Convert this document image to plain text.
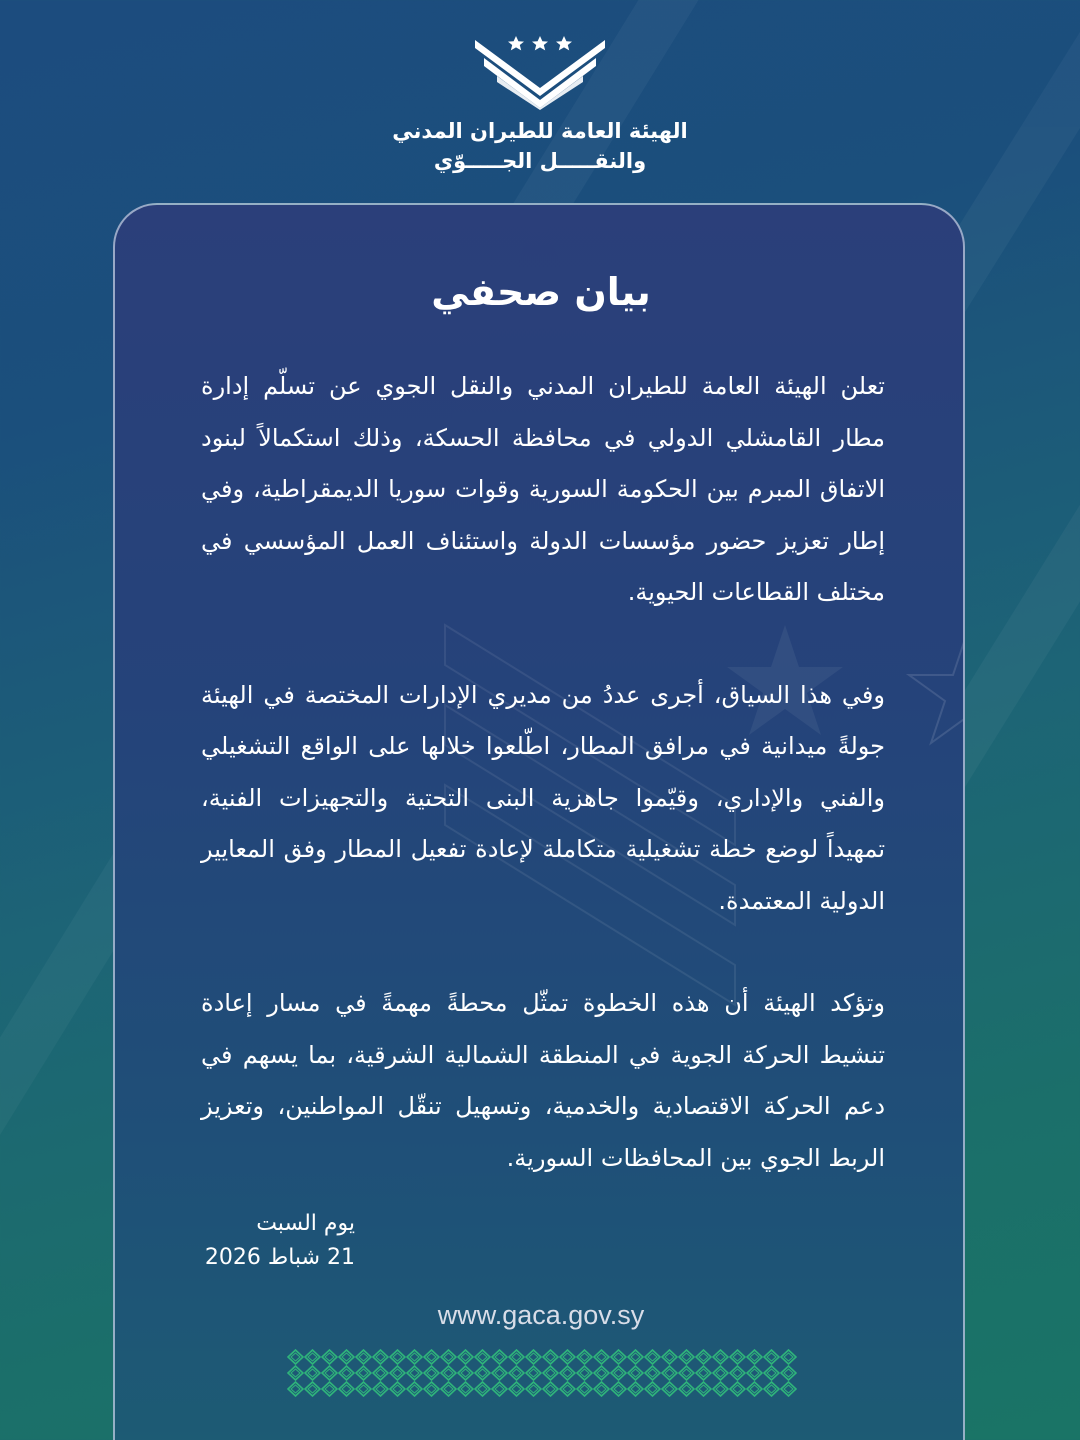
الهيئة العامة للطيران المدني
والنقـــــل الجـــــوّي
بيان صحفي

تعلن الهيئة العامة للطيران المدني والنقل الجوي عن تسلّم إدارة مطار القامشلي الدولي في محافظة الحسكة، وذلك استكمالاً لبنود الاتفاق المبرم بين الحكومة السورية وقوات سوريا الديمقراطية، وفي إطار تعزيز حضور مؤسسات الدولة واستئناف العمل المؤسسي في مختلف القطاعات الحيوية.

وفي هذا السياق، أجرى عددُ من مديري الإدارات المختصة في الهيئة جولةً ميدانية في مرافق المطار، اطّلعوا خلالها على الواقع التشغيلي والفني والإداري، وقيّموا جاهزية البنى التحتية والتجهيزات الفنية، تمهيداً لوضع خطة تشغيلية متكاملة لإعادة تفعيل المطار وفق المعايير الدولية المعتمدة.

وتؤكد الهيئة أن هذه الخطوة تمثّل محطةً مهمةً في مسار إعادة تنشيط الحركة الجوية في المنطقة الشمالية الشرقية، بما يسهم في دعم الحركة الاقتصادية والخدمية، وتسهيل تنقّل المواطنين، وتعزيز الربط الجوي بين المحافظات السورية.

يوم السبت
21 شباط 2026
www.gaca.gov.sy
